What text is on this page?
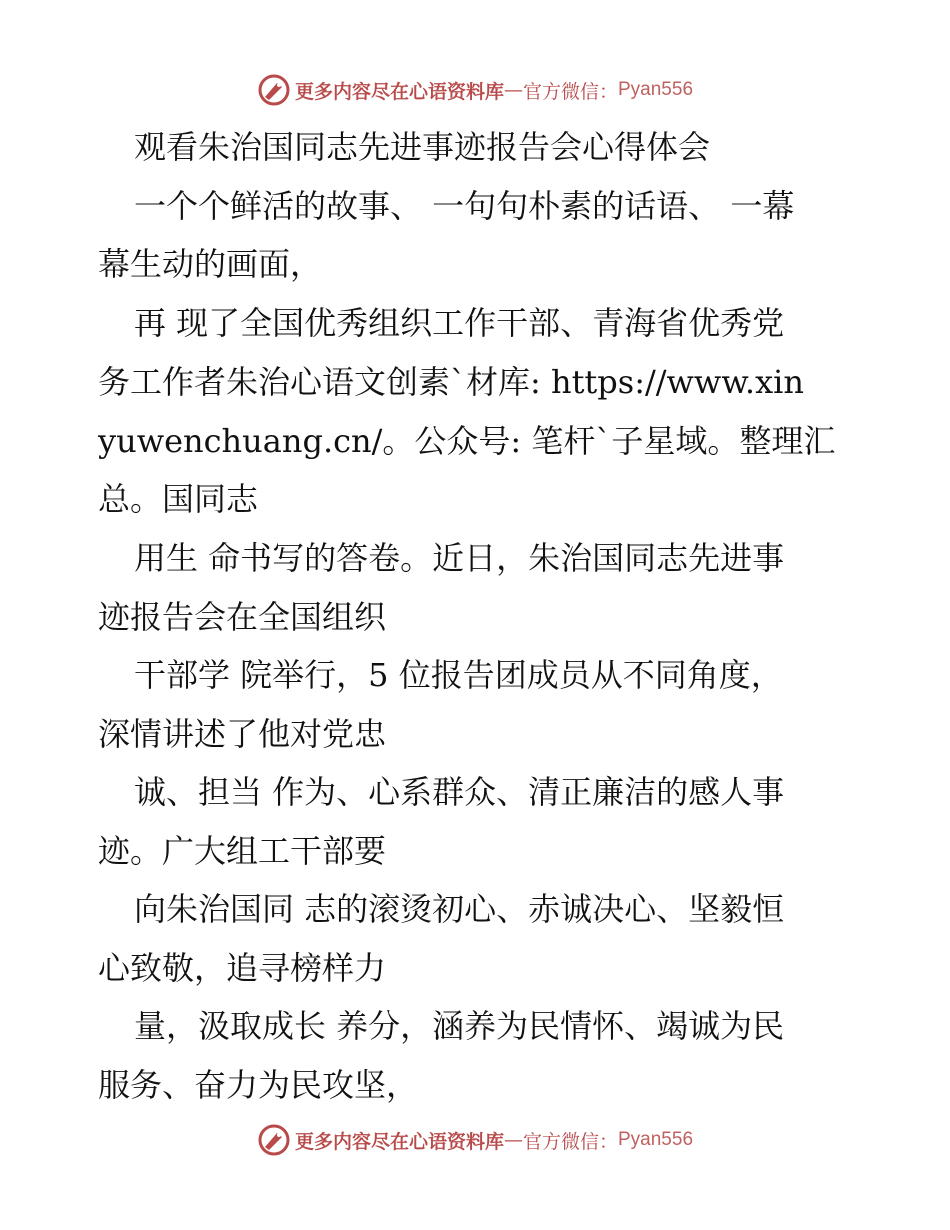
更多内容尽在心语资料库 — 官方微信： Pyan556
观看朱治国同志先进事迹报告会心得体会
一个个鲜活的故事、 一句句朴素的话语、 一幕
幕生动的画面，
再 现了全国优秀组织工作干部、青海省优秀党
务工作者朱治心语文创素`材库: https://www.xin
yuwenchuang.cn/。公众号: 笔杆`子星域。整理汇
总。国同志
用生 命书写的答卷。近日，朱治国同志先进事
迹报告会在全国组织
干部学 院举行，5 位报告团成员从不同角度，
深情讲述了他对党忠
诚、担当 作为、心系群众、清正廉洁的感人事
迹。广大组工干部要
向朱治国同 志的滚烫初心、赤诚决心、坚毅恒
心致敬，追寻榜样力
量，汲取成长 养分，涵养为民情怀、竭诚为民
服务、奋力为民攻坚，
更多内容尽在心语资料库 — 官方微信： Pyan556
